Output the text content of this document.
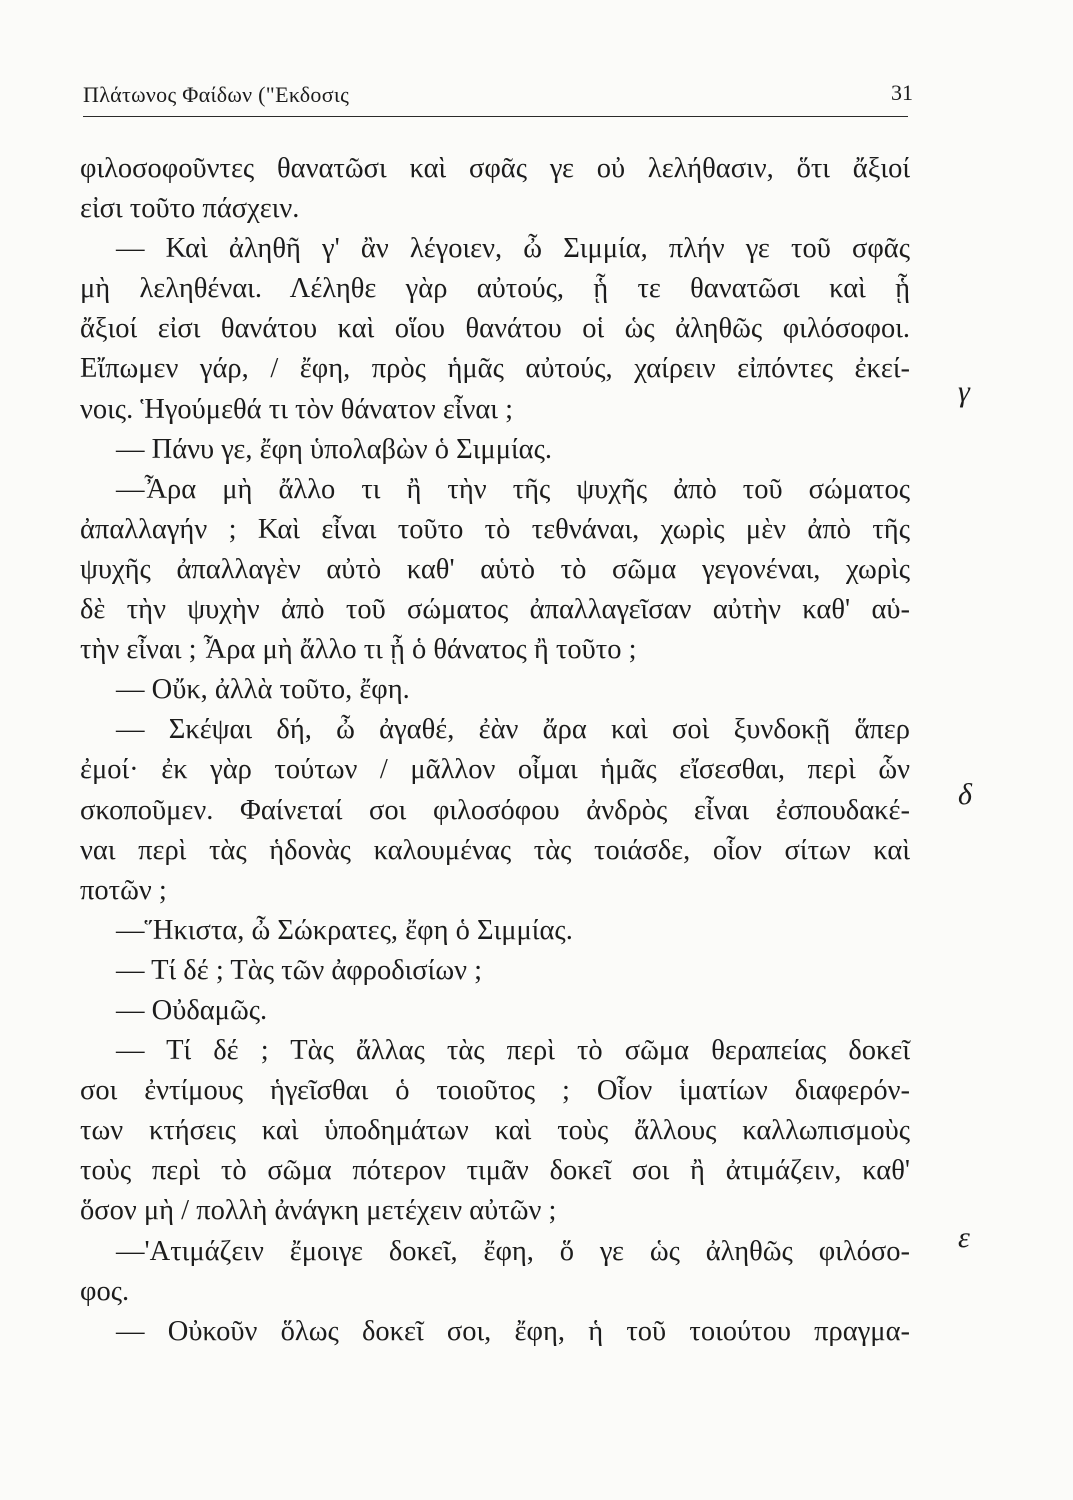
Πλάτωνος Φαίδων ("Εκδοσις	31
φιλοσοφοῦντες θανατῶσι καὶ σφᾶς γε οὐ λελήθασιν, ὅτι ἄξιοί
εἰσι τοῦτο πάσχειν.
— Καὶ ἀληθῆ γ' ἂν λέγοιεν, ὦ Σιμμία, πλήν γε τοῦ σφᾶς
μὴ λεληθέναι. Λέληθε γὰρ αὐτούς, ᾗ τε θανατῶσι καὶ ᾗ
ἄξιοί εἰσι θανάτου καὶ οἵου θανάτου οἱ ὡς ἀληθῶς φιλόσοφοι.
Εἴπωμεν γάρ, / ἔφη, πρὸς ἡμᾶς αὐτούς, χαίρειν εἰπόντες ἐκεί-
νοις. Ἡγούμεθά τι τὸν θάνατον εἶναι ;
— Πάνυ γε, ἔφη ὑπολαβὼν ὁ Σιμμίας.
—Ἆρα μὴ ἄλλο τι ἢ τὴν τῆς ψυχῆς ἀπὸ τοῦ σώματος
ἀπαλλαγήν ; Καὶ εἶναι τοῦτο τὸ τεθνάναι, χωρὶς μὲν ἀπὸ τῆς
ψυχῆς ἀπαλλαγὲν αὐτὸ καθ' αὑτὸ τὸ σῶμα γεγονέναι, χωρὶς
δὲ τὴν ψυχὴν ἀπὸ τοῦ σώματος ἀπαλλαγεῖσαν αὐτὴν καθ' αὑ-
τὴν εἶναι ; Ἆρα μὴ ἄλλο τι ᾖ ὁ θάνατος ἢ τοῦτο ;
— Οὔκ, ἀλλὰ τοῦτο, ἔφη.
— Σκέψαι δή, ὦ ἀγαθέ, ἐὰν ἄρα καὶ σοὶ ξυνδοκῇ ἅπερ
ἐμοί· ἐκ γὰρ τούτων / μᾶλλον οἶμαι ἡμᾶς εἴσεσθαι, περὶ ὧν
σκοποῦμεν. Φαίνεταί σοι φιλοσόφου ἀνδρὸς εἶναι ἐσπουδακέ-
ναι περὶ τὰς ἡδονὰς καλουμένας τὰς τοιάσδε, οἷον σίτων καὶ
ποτῶν ;
—Ἥκιστα, ὦ Σώκρατες, ἔφη ὁ Σιμμίας.
— Τί δέ ; Τὰς τῶν ἀφροδισίων ;
— Οὐδαμῶς.
— Τί δέ ; Τὰς ἄλλας τὰς περὶ τὸ σῶμα θεραπείας δοκεῖ
σοι ἐντίμους ἡγεῖσθαι ὁ τοιοῦτος ; Οἷον ἱματίων διαφερόν-
των κτήσεις καὶ ὑποδημάτων καὶ τοὺς ἄλλους καλλωπισμοὺς
τοὺς περὶ τὸ σῶμα πότερον τιμᾶν δοκεῖ σοι ἢ ἀτιμάζειν, καθ'
ὅσον μὴ / πολλὴ ἀνάγκη μετέχειν αὐτῶν ;
—'Ατιμάζειν ἔμοιγε δοκεῖ, ἔφη, ὅ γε ὡς ἀληθῶς φιλόσο-
φος.
— Οὐκοῦν ὅλως δοκεῖ σοι, ἔφη, ἡ τοῦ τοιούτου πραγμα-
γ
δ
ε
